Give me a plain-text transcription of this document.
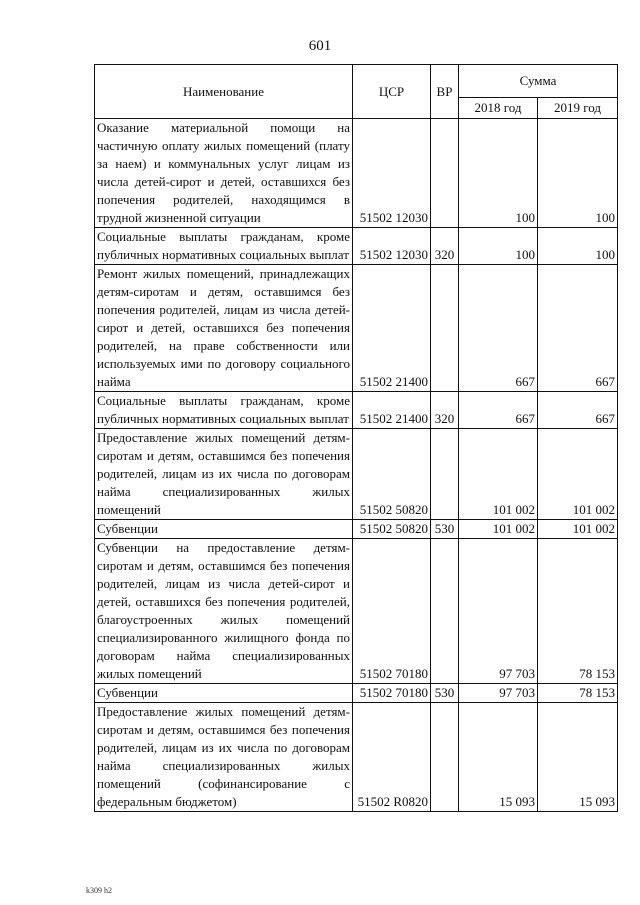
601
Наименование	ЦСР	ВР	Сумма	
			2018 год	2019 год
Оказание материальной помощи на частичную оплату жилых помещений (плату за наем) и коммунальных услуг лицам из числа детей-сирот и детей, оставшихся без попечения родителей, находящимся в трудной жизненной ситуации	51502 12030		100	100
Социальные выплаты гражданам, кроме публичных нормативных социальных выплат	51502 12030	320	100	100
Ремонт жилых помещений, принадлежащих детям-сиротам и детям, оставшимся без попечения родителей, лицам из числа детей-сирот и детей, оставшихся без попечения родителей, на праве собственности или используемых ими по договору социального найма	51502 21400		667	667
Социальные выплаты гражданам, кроме публичных нормативных социальных выплат	51502 21400	320	667	667
Предоставление жилых помещений детям-сиротам и детям, оставшимся без попечения родителей, лицам из их числа по договорам найма специализированных жилых помещений	51502 50820		101 002	101 002
Субвенции	51502 50820	530	101 002	101 002
Субвенции на предоставление детям-сиротам и детям, оставшимся без попечения родителей, лицам из числа детей-сирот и детей, оставшихся без попечения родителей, благоустроенных жилых помещений специализированного жилищного фонда по договорам найма специализированных жилых помещений	51502 70180		97 703	78 153
Субвенции	51502 70180	530	97 703	78 153
Предоставление жилых помещений детям-сиротам и детям, оставшимся без попечения родителей, лицам из их числа по договорам найма специализированных жилых помещений (софинансирование с федеральным бюджетом)	51502 R0820		15 093	15 093
k309 h2
